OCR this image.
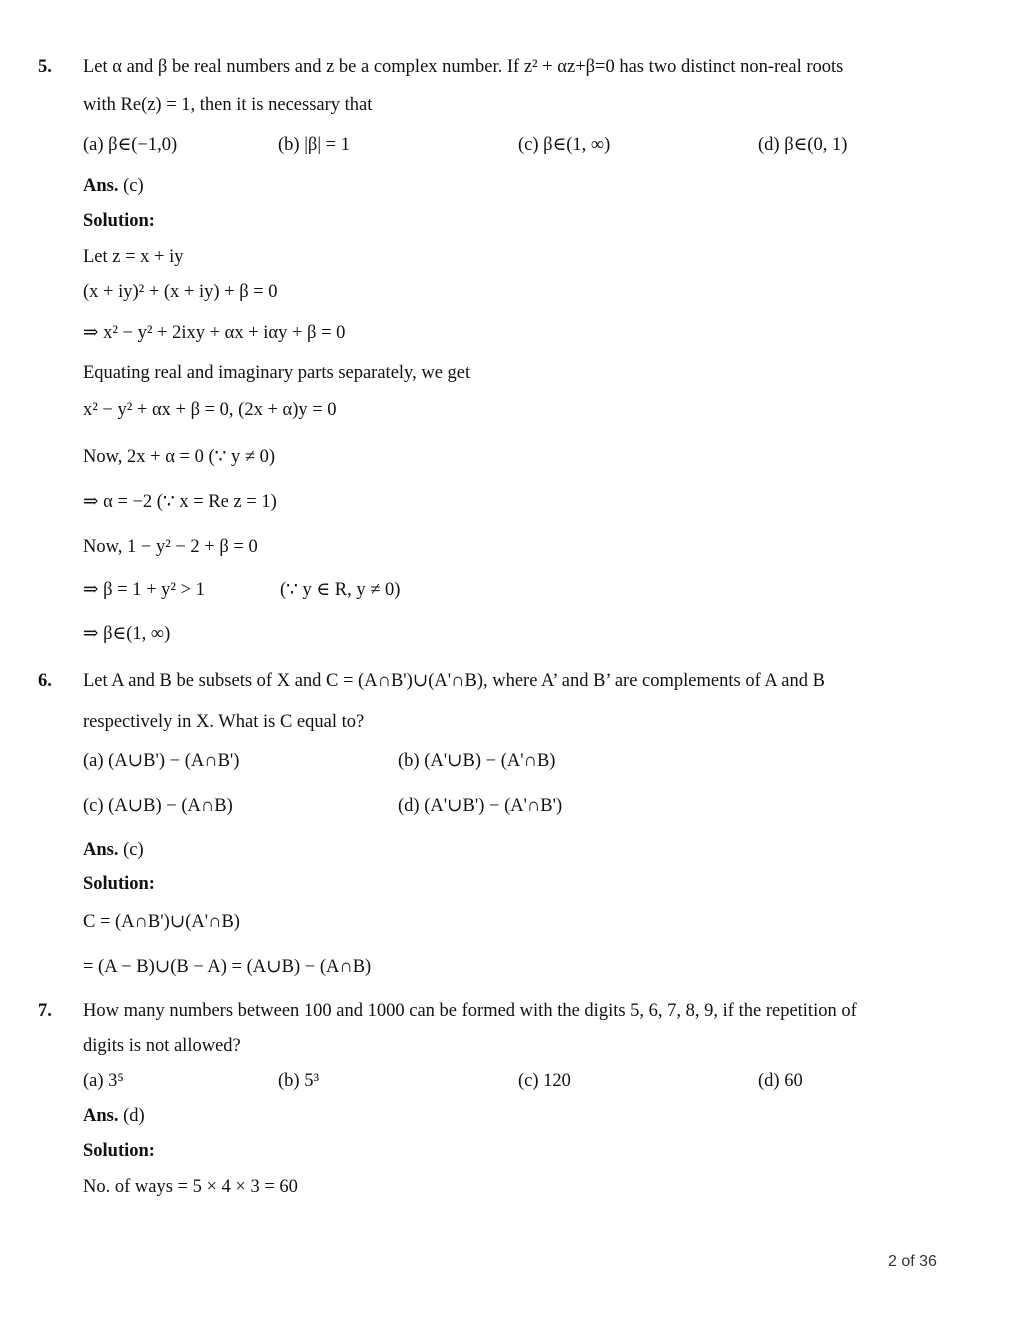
5. Let α and β be real numbers and z be a complex number. If z² + αz+β=0 has two distinct non-real roots
with Re(z) = 1, then it is necessary that
(a) β∈(−1,0)	(b) |β| = 1	(c) β∈(1, ∞)	(d) β∈(0, 1)
Ans. (c)
Solution:
Let z = x + iy
(x + iy)² + (x + iy) + β = 0
⇒ x² − y² + 2ixy + αx + iαy + β = 0
Equating real and imaginary parts separately, we get
x² − y² + αx + β = 0, (2x + α)y = 0
Now, 2x + α = 0 (∵ y ≠ 0)
⇒ α = −2 (∵ x = Re z = 1)
Now, 1 − y² − 2 + β = 0
⇒ β = 1 + y² > 1	(∵ y ∈ R, y ≠ 0)
⇒ β∈(1, ∞)
6. Let A and B be subsets of X and C = (A∩B')∪(A'∩B), where A’ and B’ are complements of A and B
respectively in X. What is C equal to?
(a) (A∪B') − (A∩B')	(b) (A'∪B) − (A'∩B)
(c) (A∪B) − (A∩B)	(d) (A'∪B') − (A'∩B')
Ans. (c)
Solution:
C = (A∩B')∪(A'∩B)
= (A − B)∪(B − A) = (A∪B) − (A∩B)
7. How many numbers between 100 and 1000 can be formed with the digits 5, 6, 7, 8, 9, if the repetition of
digits is not allowed?
(a) 3⁵	(b) 5³	(c) 120	(d) 60
Ans. (d)
Solution:
No. of ways = 5 × 4 × 3 = 60
2 of 36
